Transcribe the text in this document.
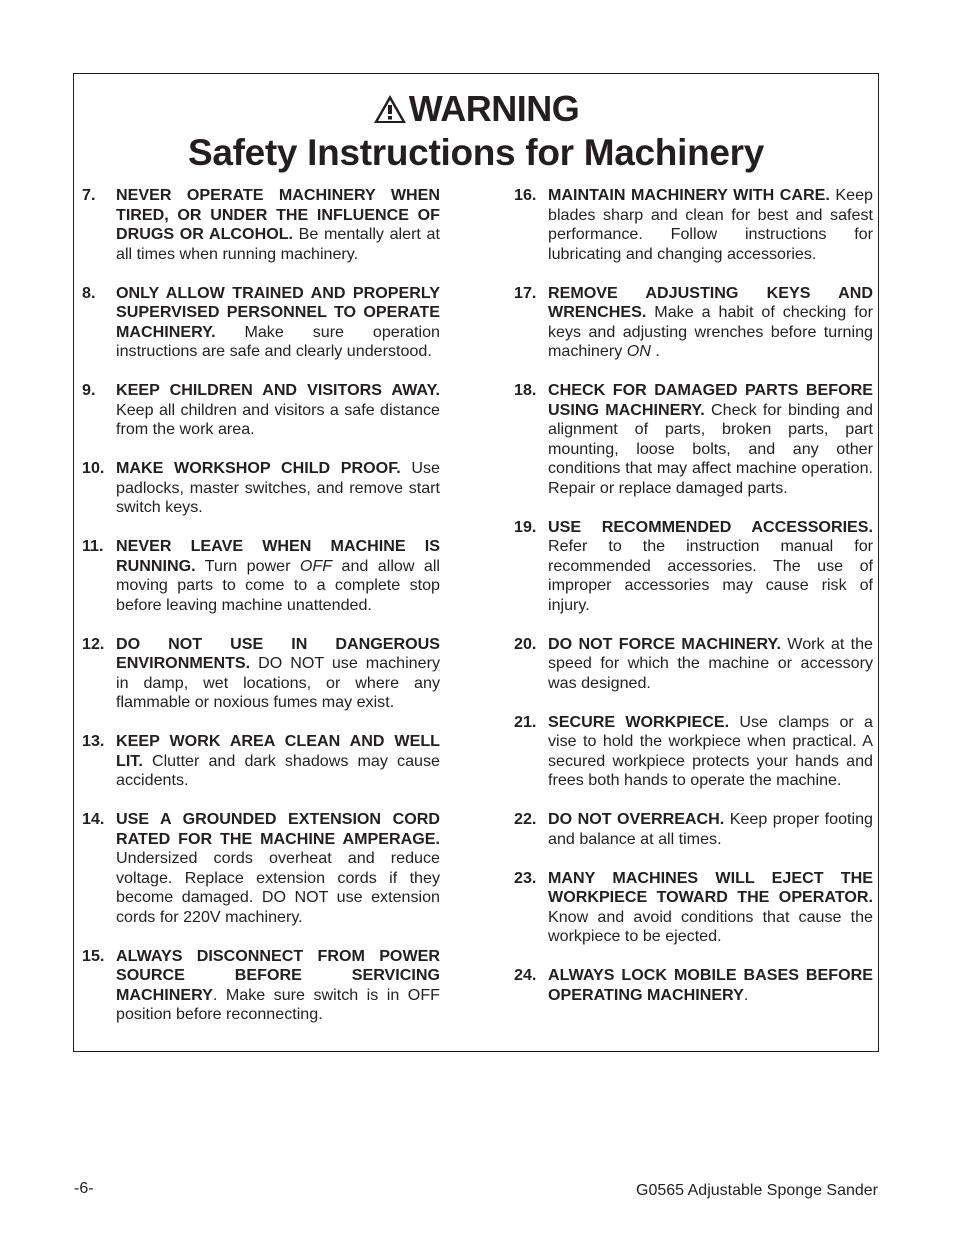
WARNING
Safety Instructions for Machinery
7.	NEVER OPERATE MACHINERY WHEN TIRED, OR UNDER THE INFLUENCE OF DRUGS OR ALCOHOL. Be mentally alert at all times when running machinery.
8.	ONLY ALLOW TRAINED AND PROPERLY SUPERVISED PERSONNEL TO OPERATE MACHINERY. Make sure operation instructions are safe and clearly understood.
9.	KEEP CHILDREN AND VISITORS AWAY. Keep all children and visitors a safe distance from the work area.
10. MAKE WORKSHOP CHILD PROOF. Use padlocks, master switches, and remove start switch keys.
11. NEVER LEAVE WHEN MACHINE IS RUNNING. Turn power OFF and allow all moving parts to come to a complete stop before leaving machine unattended.
12. DO NOT USE IN DANGEROUS ENVIRONMENTS. DO NOT use machinery in damp, wet locations, or where any flammable or noxious fumes may exist.
13. KEEP WORK AREA CLEAN AND WELL LIT. Clutter and dark shadows may cause accidents.
14. USE A GROUNDED EXTENSION CORD RATED FOR THE MACHINE AMPERAGE. Undersized cords overheat and reduce voltage. Replace extension cords if they become damaged. DO NOT use extension cords for 220V machinery.
15. ALWAYS DISCONNECT FROM POWER SOURCE BEFORE SERVICING MACHINERY. Make sure switch is in OFF position before reconnecting.
16. MAINTAIN MACHINERY WITH CARE. Keep blades sharp and clean for best and safest performance. Follow instructions for lubricating and changing accessories.
17. REMOVE ADJUSTING KEYS AND WRENCHES. Make a habit of checking for keys and adjusting wrenches before turning machinery ON .
18. CHECK FOR DAMAGED PARTS BEFORE USING MACHINERY. Check for binding and alignment of parts, broken parts, part mounting, loose bolts, and any other conditions that may affect machine operation. Repair or replace damaged parts.
19. USE RECOMMENDED ACCESSORIES. Refer to the instruction manual for recommended accessories. The use of improper accessories may cause risk of injury.
20. DO NOT FORCE MACHINERY. Work at the speed for which the machine or accessory was designed.
21. SECURE WORKPIECE. Use clamps or a vise to hold the workpiece when practical. A secured workpiece protects your hands and frees both hands to operate the machine.
22. DO NOT OVERREACH. Keep proper footing and balance at all times.
23. MANY MACHINES WILL EJECT THE WORKPIECE TOWARD THE OPERATOR. Know and avoid conditions that cause the workpiece to be ejected.
24. ALWAYS LOCK MOBILE BASES BEFORE OPERATING MACHINERY.
-6-	G0565 Adjustable Sponge Sander
